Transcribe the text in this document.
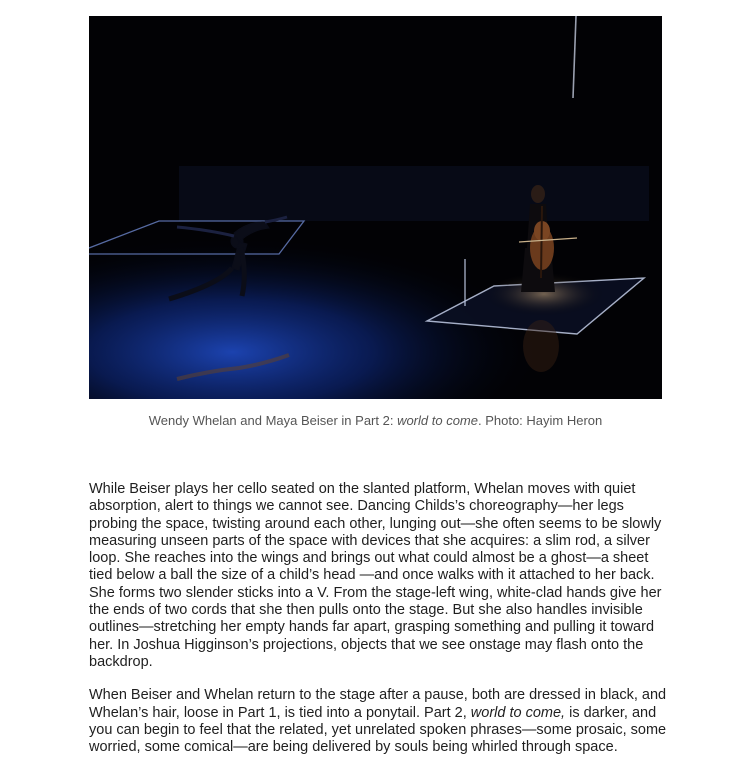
Wendy Whelan and Maya Beiser in Part 2: world to come. Photo: Hayim Heron

While Beiser plays her cello seated on the slanted platform, Whelan moves with quiet absorption, alert to things we cannot see. Dancing Childs’s choreography—her legs probing the space, twisting around each other, lunging out—she often seems to be slowly measuring unseen parts of the space with devices that she acquires: a slim rod, a silver loop. She reaches into the wings and brings out what could almost be a ghost—a sheet tied below a ball the size of a child’s head —and once walks with it attached to her back. She forms two slender sticks into a V. From the stage-left wing, white-clad hands give her the ends of two cords that she then pulls onto the stage. But she also handles invisible outlines—stretching her empty hands far apart, grasping something and pulling it toward her. In Joshua Higginson’s projections, objects that we see onstage may flash onto the backdrop.

When Beiser and Whelan return to the stage after a pause, both are dressed in black, and Whelan’s hair, loose in Part 1, is tied into a ponytail. Part 2, world to come, is darker, and you can begin to feel that the related, yet unrelated spoken phrases—some prosaic, some worried, some comical—are being delivered by souls being whirled through space.
